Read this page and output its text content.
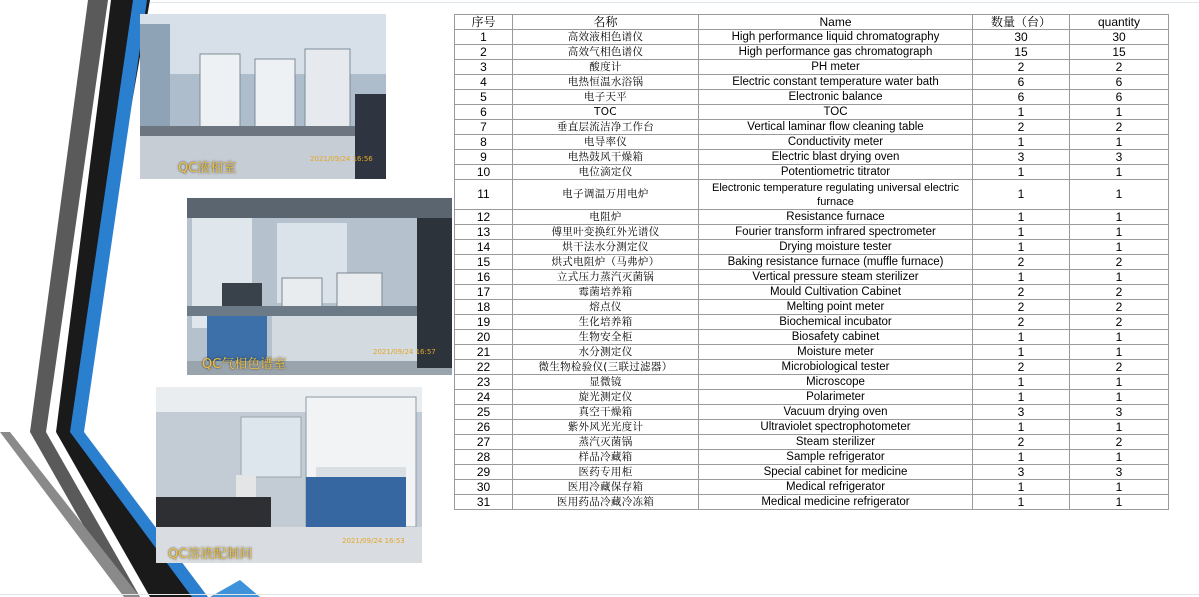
QC液相室
2021/09/24 16:56
QC气相色谱室
2021/09/24 16:57
QC溶液配制间
2021/09/24 16:53
序号	名称	Name	数量（台）	quantity
1	高效液相色谱仪	High performance liquid chromatography	30	30
2	高效气相色谱仪	High performance gas chromatograph	15	15
3	酸度计	PH meter	2	2
4	电热恒温水浴锅	Electric constant temperature water bath	6	6
5	电子天平	Electronic balance	6	6
6	TOC	TOC	1	1
7	垂直层流洁净工作台	Vertical laminar flow cleaning table	2	2
8	电导率仪	Conductivity meter	1	1
9	电热鼓风干燥箱	Electric blast drying oven	3	3
10	电位滴定仪	Potentiometric titrator	1	1
11	电子调温万用电炉	Electronic temperature regulating universal electric furnace	1	1
12	电阻炉	Resistance furnace	1	1
13	傅里叶变换红外光谱仪	Fourier transform infrared spectrometer	1	1
14	烘干法水分测定仪	Drying moisture tester	1	1
15	烘式电阻炉（马弗炉）	Baking resistance furnace (muffle furnace)	2	2
16	立式压力蒸汽灭菌锅	Vertical pressure steam sterilizer	1	1
17	霉菌培养箱	Mould Cultivation Cabinet	2	2
18	熔点仪	Melting point meter	2	2
19	生化培养箱	Biochemical incubator	2	2
20	生物安全柜	Biosafety cabinet	1	1
21	水分测定仪	Moisture meter	1	1
22	微生物检验仪(三联过滤器）	Microbiological tester	2	2
23	显微镜	Microscope	1	1
24	旋光测定仪	Polarimeter	1	1
25	真空干燥箱	Vacuum drying oven	3	3
26	紫外风光光度计	Ultraviolet spectrophotometer	1	1
27	蒸汽灭菌锅	Steam sterilizer	2	2
28	样品冷藏箱	Sample refrigerator	1	1
29	医药专用柜	Special cabinet for medicine	3	3
30	医用冷藏保存箱	Medical refrigerator	1	1
31	医用药品冷藏冷冻箱	Medical medicine refrigerator	1	1
